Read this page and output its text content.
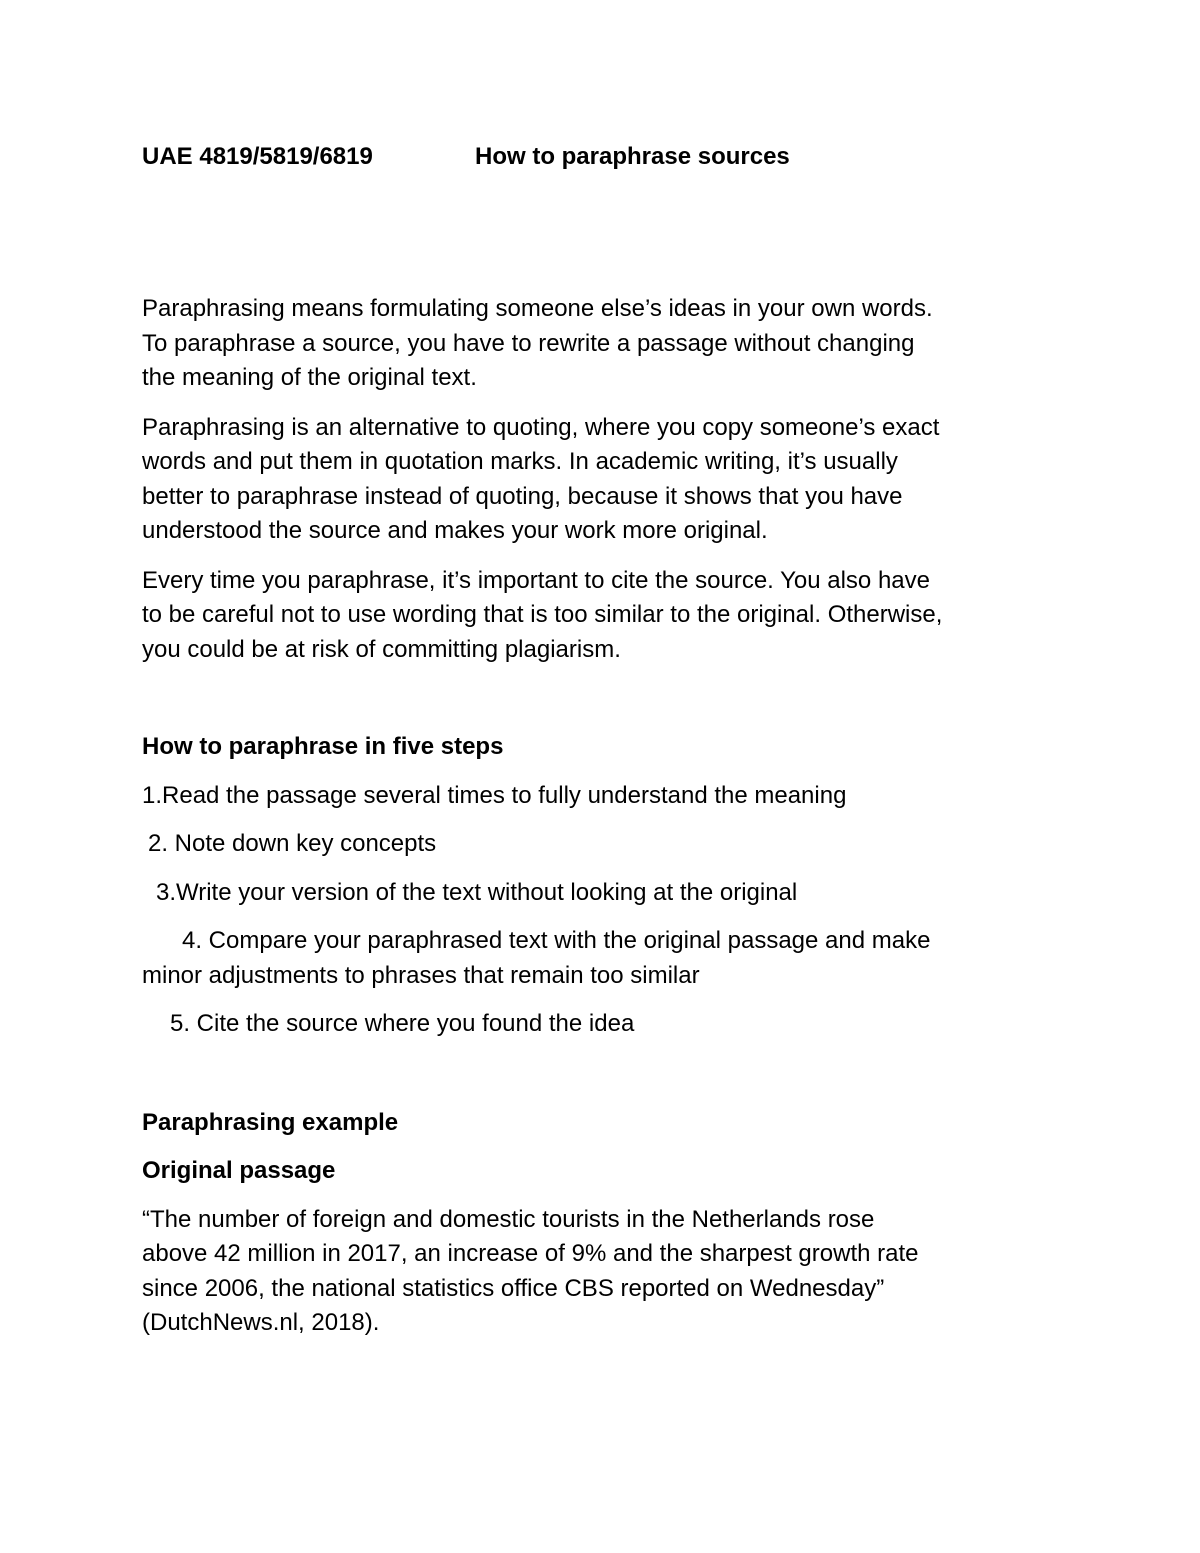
UAE 4819/5819/6819	How to paraphrase sources

Paraphrasing means formulating someone else’s ideas in your own words.
To paraphrase a source, you have to rewrite a passage without changing
the meaning of the original text.

Paraphrasing is an alternative to quoting, where you copy someone’s exact
words and put them in quotation marks. In academic writing, it’s usually
better to paraphrase instead of quoting, because it shows that you have
understood the source and makes your work more original.

Every time you paraphrase, it’s important to cite the source. You also have
to be careful not to use wording that is too similar to the original. Otherwise,
you could be at risk of committing plagiarism.

How to paraphrase in five steps

1.Read the passage several times to fully understand the meaning

2. Note down key concepts

3.Write your version of the text without looking at the original

4. Compare your paraphrased text with the original passage and make

minor adjustments to phrases that remain too similar

5. Cite the source where you found the idea

Paraphrasing example

Original passage

“The number of foreign and domestic tourists in the Netherlands rose
above 42 million in 2017, an increase of 9% and the sharpest growth rate
since 2006, the national statistics office CBS reported on Wednesday”
(DutchNews.nl, 2018).
